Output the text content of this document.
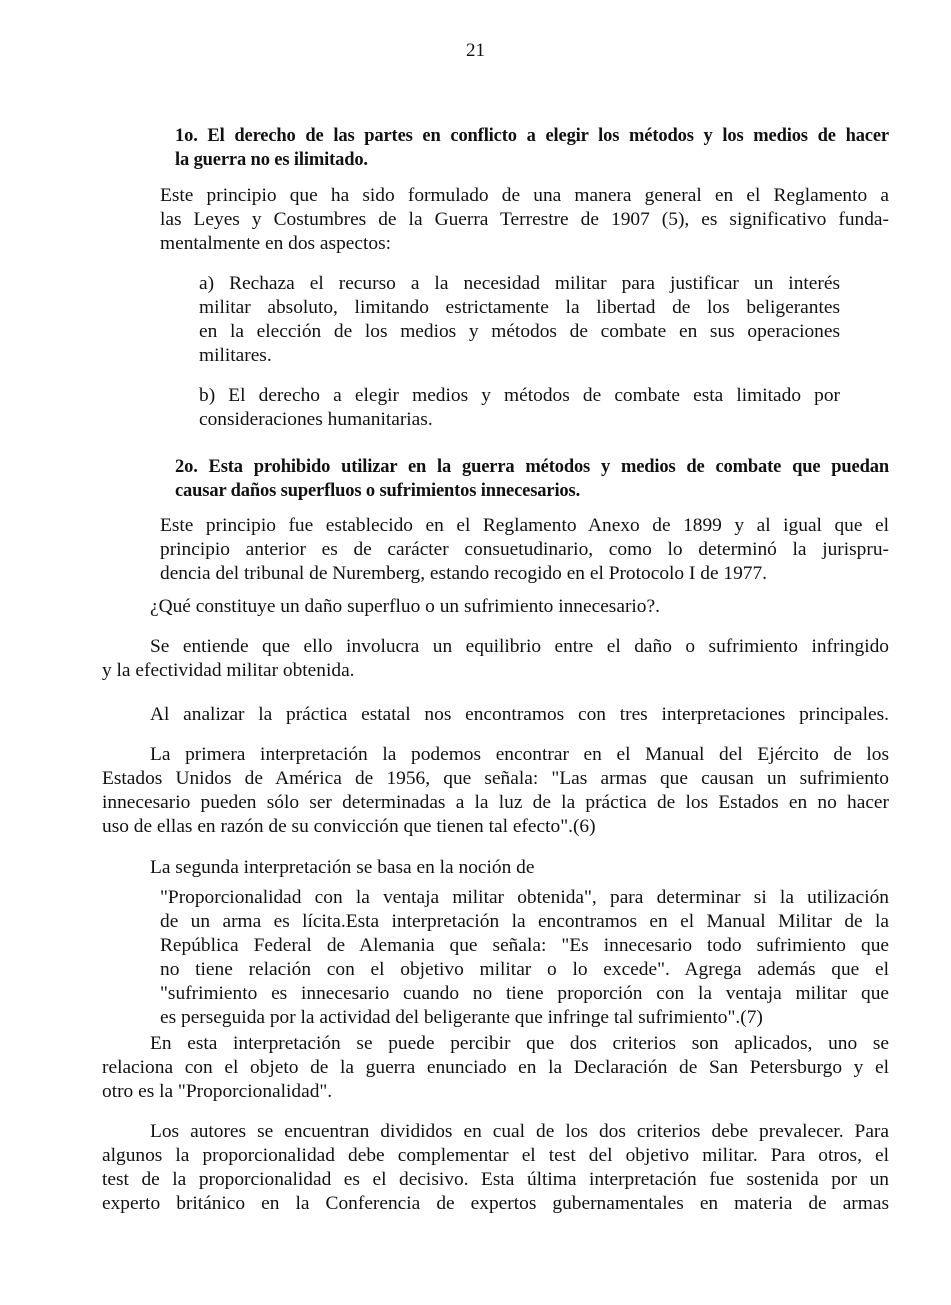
21
1o. El derecho de las partes en conflicto a elegir los métodos y los medios de hacer
la guerra no es ilimitado.
Este principio que ha sido formulado de una manera general en el Reglamento a
las Leyes y Costumbres de la Guerra Terrestre de 1907 (5), es significativo funda-
mentalmente en dos aspectos:
a) Rechaza el recurso a la necesidad militar para justificar un interés
militar absoluto, limitando estrictamente la libertad de los beligerantes
en la elección de los medios y métodos de combate en sus operaciones
militares.
b) El derecho a elegir medios y métodos de combate esta limitado por
consideraciones humanitarias.
2o. Esta prohibido utilizar en la guerra métodos y medios de combate que puedan
causar daños superfluos o sufrimientos innecesarios.
Este principio fue establecido en el Reglamento Anexo de 1899 y al igual que el
principio anterior es de carácter consuetudinario, como lo determinó la jurispru-
dencia del tribunal de Nuremberg, estando recogido en el Protocolo I de 1977.
¿Qué constituye un daño superfluo o un sufrimiento innecesario?.
Se entiende que ello involucra un equilibrio entre el daño o sufrimiento infringido
y la efectividad militar obtenida.
Al analizar la práctica estatal nos encontramos con tres interpretaciones principales.
La primera interpretación la podemos encontrar en el Manual del Ejército de los
Estados Unidos de América de 1956, que señala: "Las armas que causan un sufrimiento
innecesario pueden sólo ser determinadas a la luz de la práctica de los Estados en no hacer
uso de ellas en razón de su convicción que tienen tal efecto".(6)
La segunda interpretación se basa en la noción de
"Proporcionalidad con la ventaja militar obtenida", para determinar si la utilización
de un arma es lícita.Esta interpretación la encontramos en el Manual Militar de la
República Federal de Alemania que señala: "Es innecesario todo sufrimiento que
no tiene relación con el objetivo militar o lo excede". Agrega además que el
"sufrimiento es innecesario cuando no tiene proporción con la ventaja militar que
es perseguida por la actividad del beligerante que infringe tal sufrimiento".(7)
En esta interpretación se puede percibir que dos criterios son aplicados, uno se
relaciona con el objeto de la guerra enunciado en la Declaración de San Petersburgo y el
otro es la "Proporcionalidad".
Los autores se encuentran divididos en cual de los dos criterios debe prevalecer. Para
algunos la proporcionalidad debe complementar el test del objetivo militar. Para otros, el
test de la proporcionalidad es el decisivo. Esta última interpretación fue sostenida por un
experto británico en la Conferencia de expertos gubernamentales en materia de armas
